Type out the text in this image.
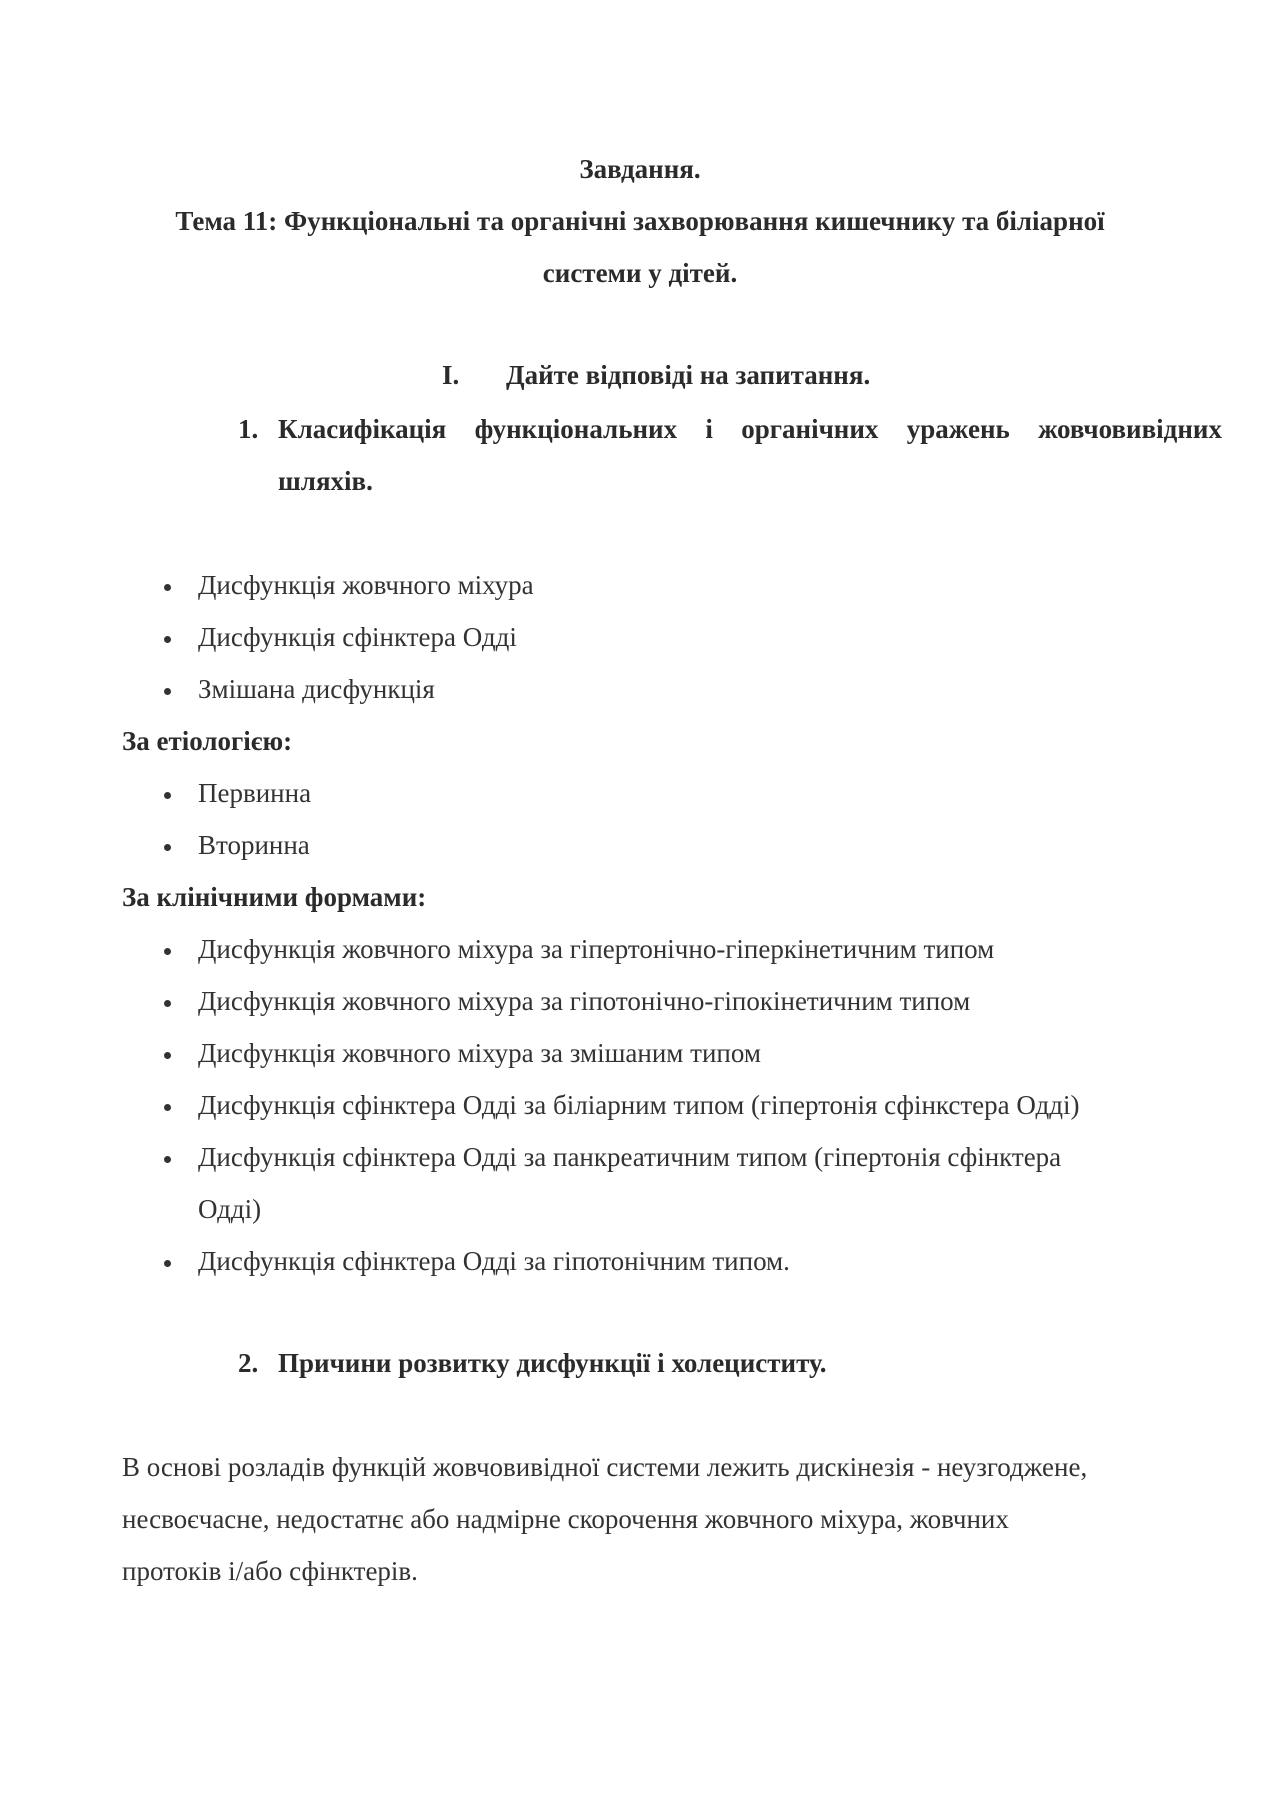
Завдання.
Тема 11: Функціональні та органічні захворювання кишечнику та біліарної
системи у дітей.
I. Дайте відповіді на запитання.
1. Класифікація функціональних і органічних уражень жовчовивідних
шляхів.
Дисфункція жовчного міхура
Дисфункція сфінктера Одді
Змішана дисфункція
За етіологією:
Первинна
Вторинна
За клінічними формами:
Дисфункція жовчного міхура за гіпертонічно-гіперкінетичним типом
Дисфункція жовчного міхура за гіпотонічно-гіпокінетичним типом
Дисфункція жовчного міхура за змішаним типом
Дисфункція сфінктера Одді за біліарним типом (гіпертонія сфінкстера Одді)
Дисфункція сфінктера Одді за панкреатичним типом (гіпертонія сфінктера
Одді)
Дисфункція сфінктера Одді за гіпотонічним типом.
2. Причини розвитку дисфункції і холециститу.
В основі розладів функцій жовчовивідної системи лежить дискінезія - неузгоджене,
несвоєчасне, недостатнє або надмірне скорочення жовчного міхура, жовчних
протоків і/або сфінктерів.
